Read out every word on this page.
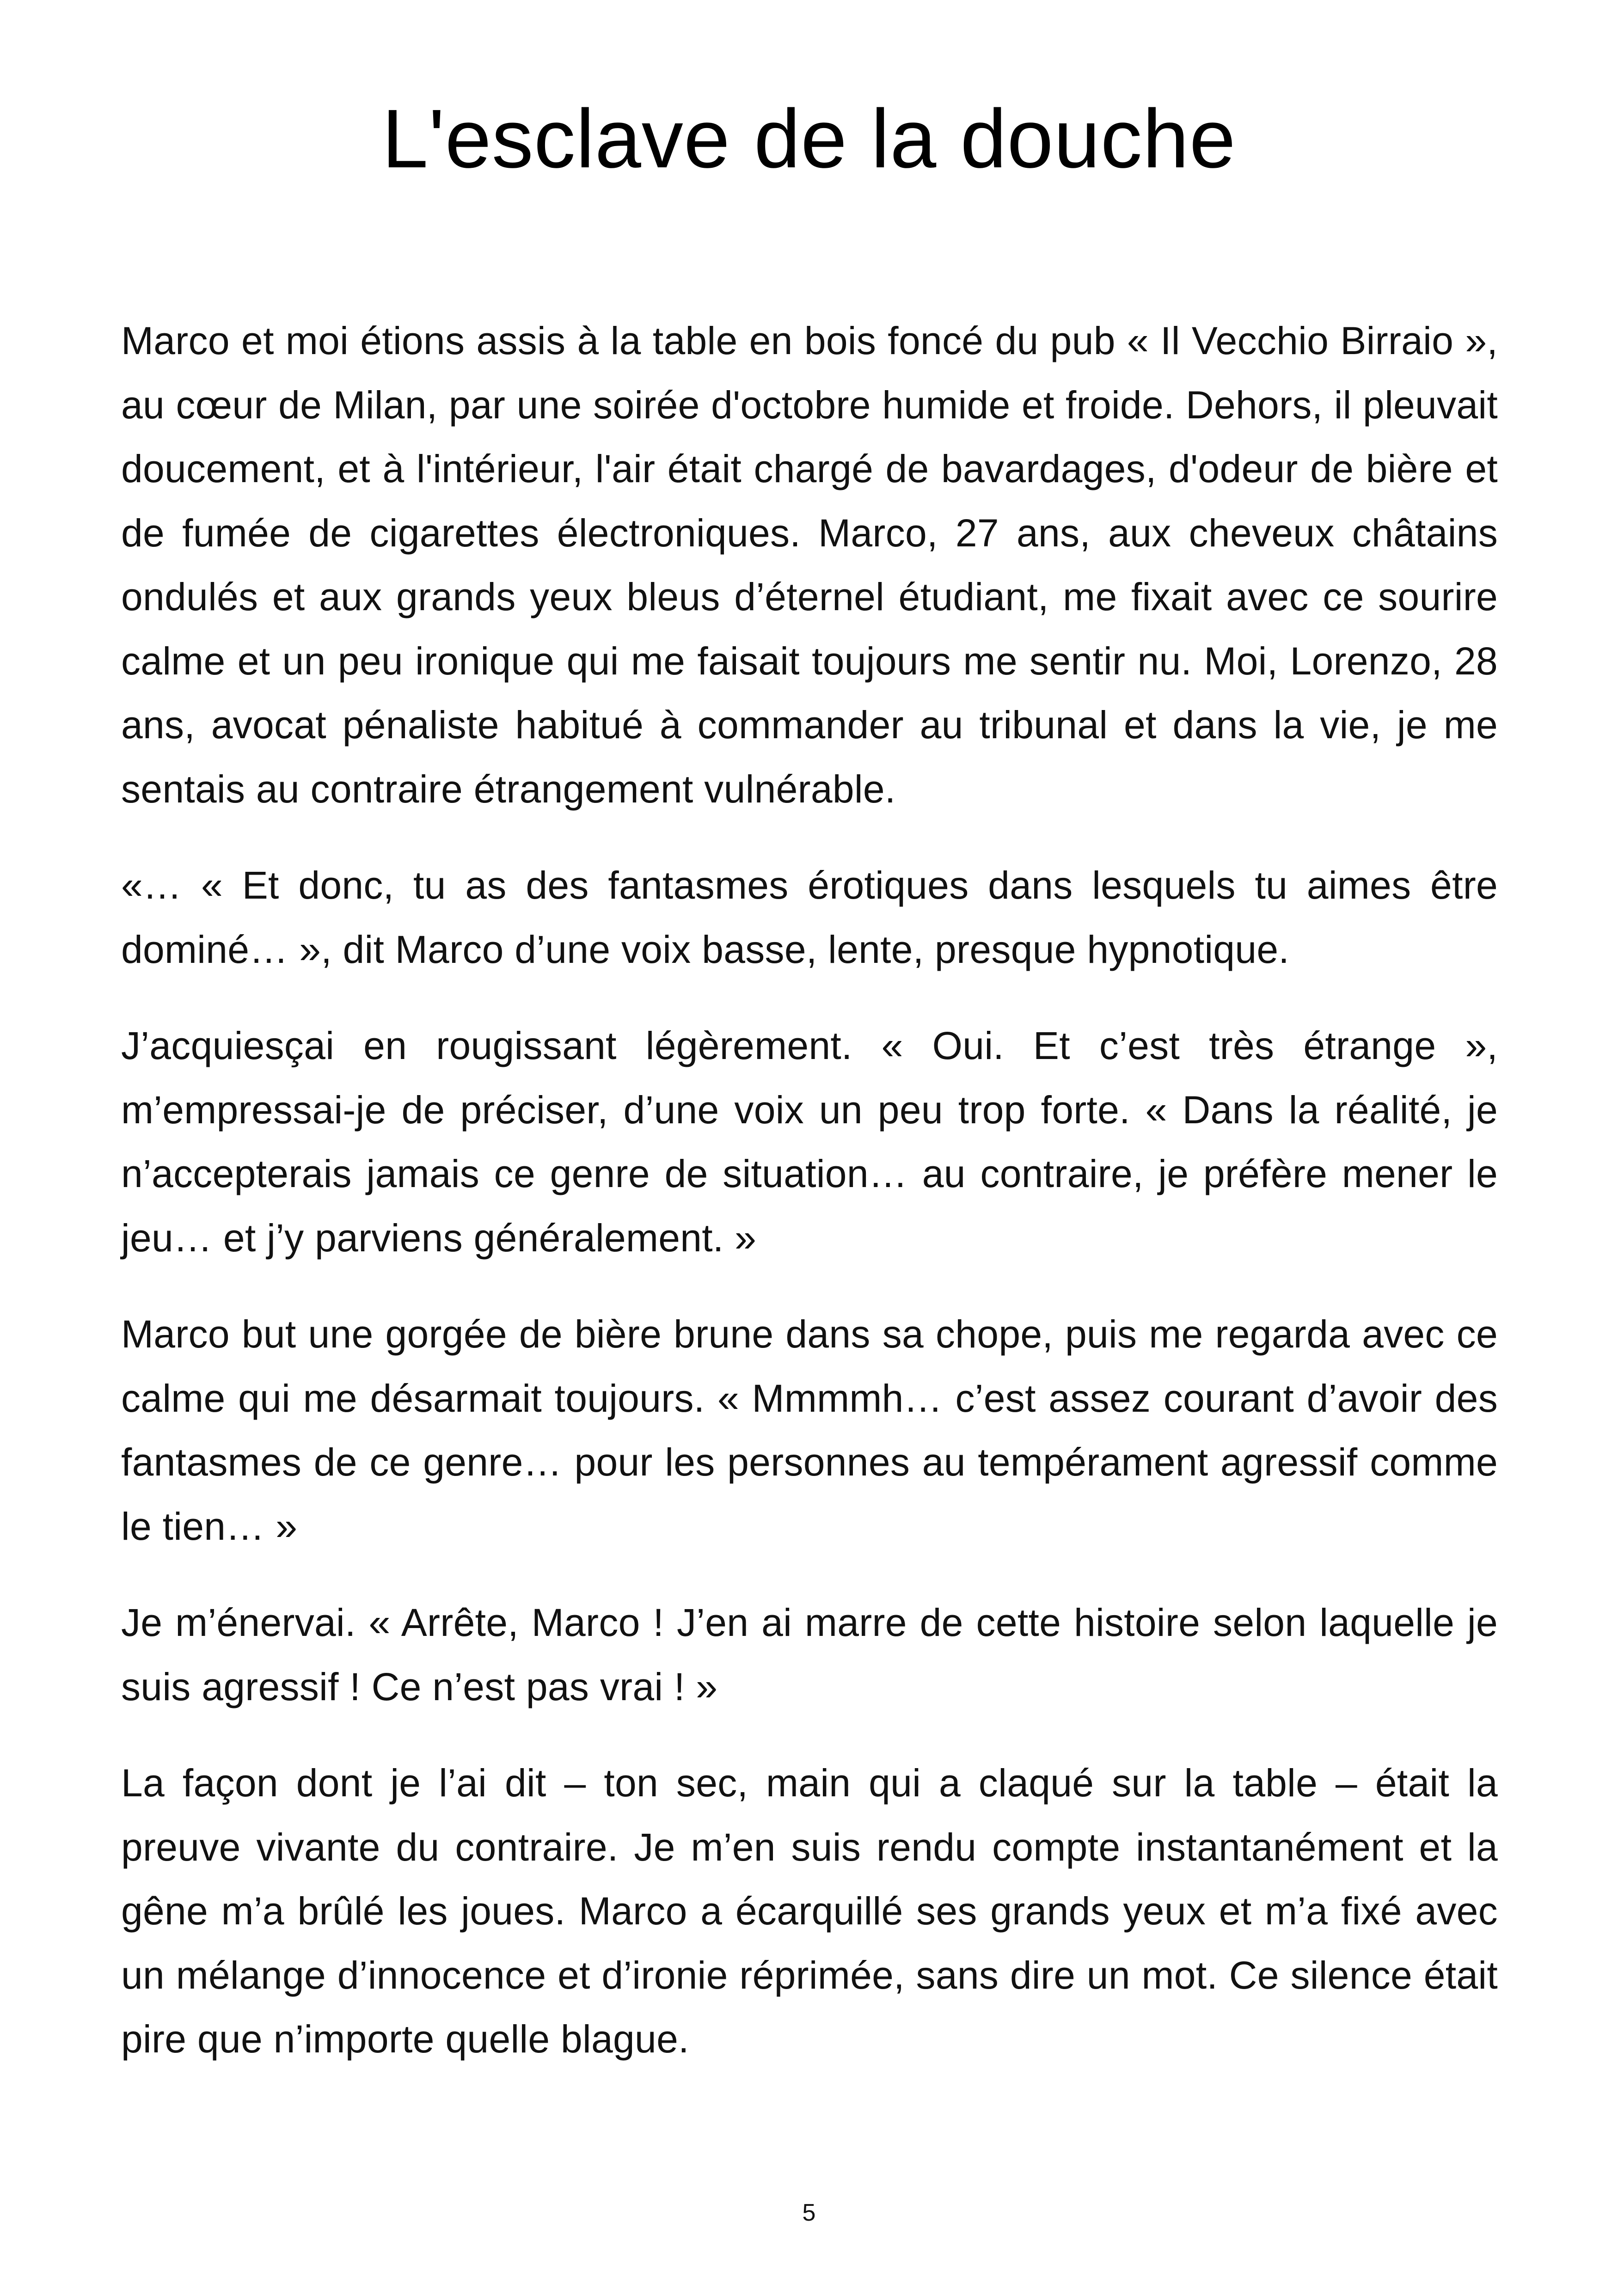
L'esclave de la douche

Marco et moi étions assis à la table en bois foncé du pub « Il Vecchio Birraio », au cœur de Milan, par une soirée d'octobre humide et froide. Dehors, il pleuvait doucement, et à l'intérieur, l'air était chargé de bavardages, d'odeur de bière et de fumée de cigarettes électroniques. Marco, 27 ans, aux cheveux châtains ondulés et aux grands yeux bleus d’éternel étudiant, me fixait avec ce sourire calme et un peu ironique qui me faisait toujours me sentir nu. Moi, Lorenzo, 28 ans, avocat pénaliste habitué à commander au tribunal et dans la vie, je me sentais au contraire étrangement vulnérable.

«… « Et donc, tu as des fantasmes érotiques dans lesquels tu aimes être dominé… », dit Marco d’une voix basse, lente, presque hypnotique.

J’acquiesçai en rougissant légèrement. « Oui. Et c’est très étrange », m’empressai-je de préciser, d’une voix un peu trop forte. « Dans la réalité, je n’accepterais jamais ce genre de situation… au contraire, je préfère mener le jeu… et j’y parviens généralement. »

Marco but une gorgée de bière brune dans sa chope, puis me regarda avec ce calme qui me désarmait toujours. « Mmmmh… c’est assez courant d’avoir des fantasmes de ce genre… pour les personnes au tempérament agressif comme le tien… »

Je m’énervai. « Arrête, Marco ! J’en ai marre de cette histoire selon laquelle je suis agressif ! Ce n’est pas vrai ! »

La façon dont je l’ai dit – ton sec, main qui a claqué sur la table – était la preuve vivante du contraire. Je m’en suis rendu compte instantanément et la gêne m’a brûlé les joues. Marco a écarquillé ses grands yeux et m’a fixé avec un mélange d’innocence et d’ironie réprimée, sans dire un mot. Ce silence était pire que n’importe quelle blague.

5
